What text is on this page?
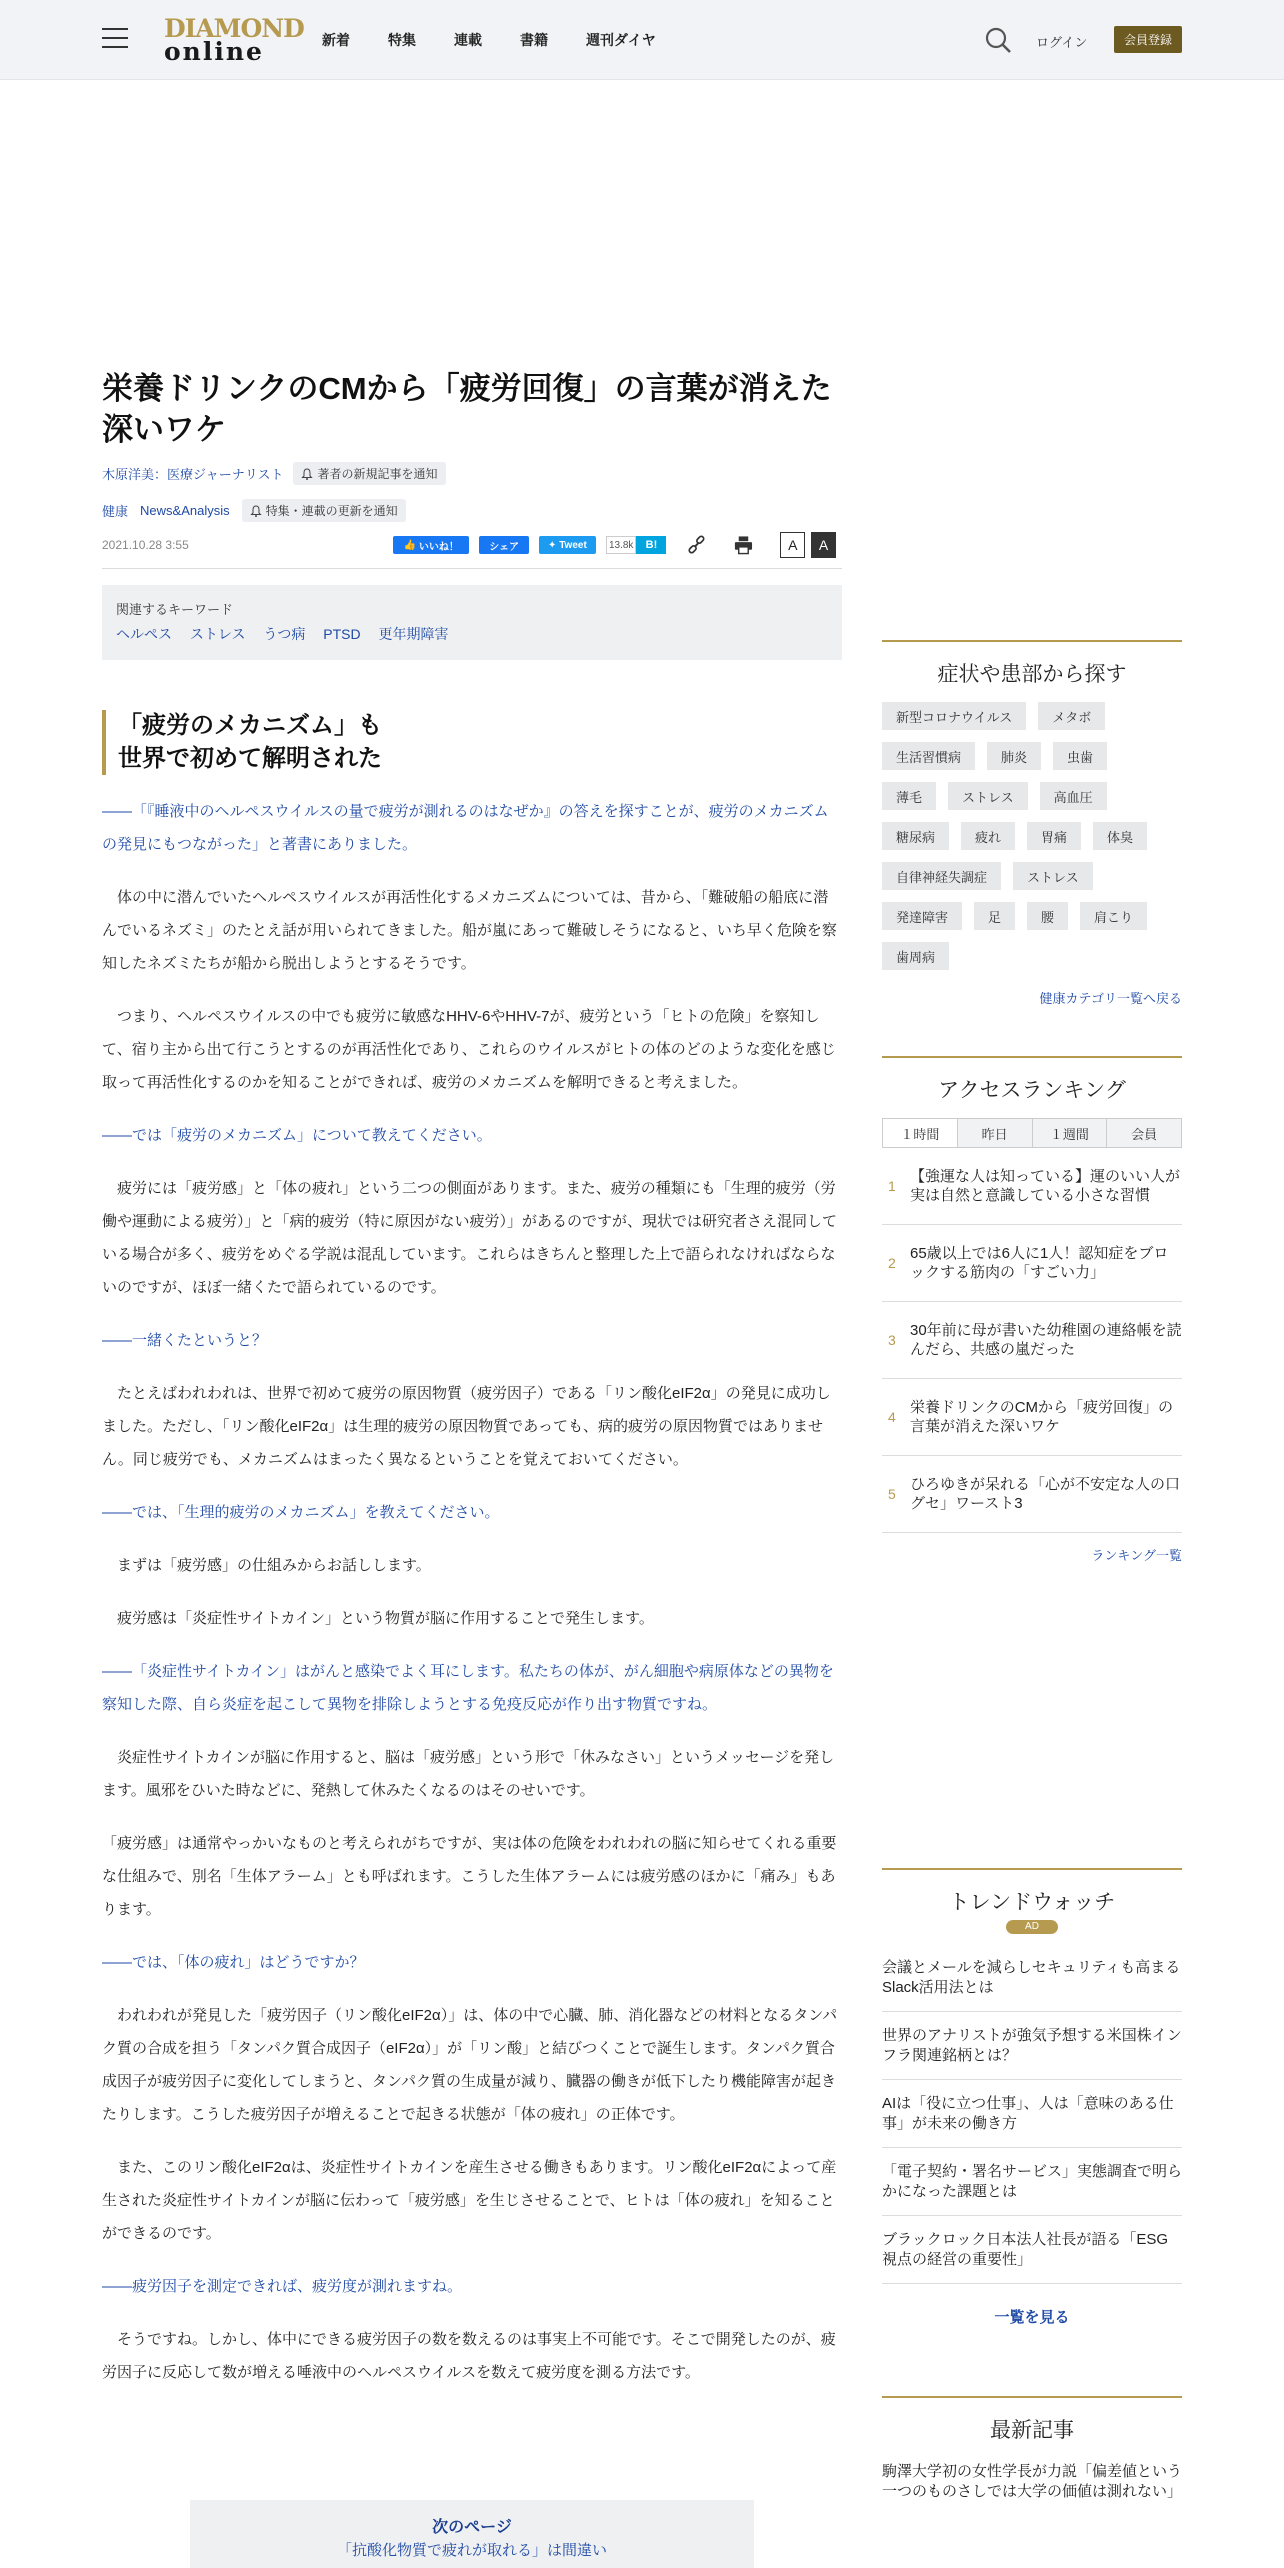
DIAMOND
online	新着	特集	連載	書籍	週刊ダイヤ	ログイン	会員登録
栄養ドリンクのCMから「疲労回復」の言葉が消えた深いワケ
木原洋美：医療ジャーナリスト	著者の新規記事を通知
健康 News&Analysis	特集・連載の更新を通知
2021.10.28 3:55	👍
いいね！	シェア	✦
Tweet	13.8k	B!	A	A
関連するキーワード
ヘルペス ストレス うつ病 PTSD 更年期障害
「疲労のメカニズム」も
世界で初めて解明された
――「『睡液中のヘルペスウイルスの量で疲労が測れるのはなぜか』の答えを探すことが、疲労のメカニズムの発見にもつながった」と著書にありました。
　体の中に潜んでいたヘルペスウイルスが再活性化するメカニズムについては、昔から、「難破船の船底に潜んでいるネズミ」のたとえ話が用いられてきました。船が嵐にあって難破しそうになると、いち早く危険を察知したネズミたちが船から脱出しようとするそうです。
　つまり、ヘルペスウイルスの中でも疲労に敏感なHHV-6やHHV-7が、疲労という「ヒトの危険」を察知して、宿り主から出て行こうとするのが再活性化であり、これらのウイルスがヒトの体のどのような変化を感じ取って再活性化するのかを知ることができれば、疲労のメカニズムを解明できると考えました。
――では「疲労のメカニズム」について教えてください。
　疲労には「疲労感」と「体の疲れ」という二つの側面があります。また、疲労の種類にも「生理的疲労（労働や運動による疲労）」と「病的疲労（特に原因がない疲労）」があるのですが、現状では研究者さえ混同している場合が多く、疲労をめぐる学説は混乱しています。これらはきちんと整理した上で語られなければならないのですが、ほぼ一緒くたで語られているのです。
――一緒くたというと？
　たとえばわれわれは、世界で初めて疲労の原因物質（疲労因子）である「リン酸化eIF2α」の発見に成功しました。ただし、「リン酸化eIF2α」は生理的疲労の原因物質であっても、病的疲労の原因物質ではありません。同じ疲労でも、メカニズムはまったく異なるということを覚えておいてください。
――では、「生理的疲労のメカニズム」を教えてください。
　まずは「疲労感」の仕組みからお話しします。
　疲労感は「炎症性サイトカイン」という物質が脳に作用することで発生します。
――「炎症性サイトカイン」はがんと感染でよく耳にします。私たちの体が、がん細胞や病原体などの異物を察知した際、自ら炎症を起こして異物を排除しようとする免疫反応が作り出す物質ですね。
　炎症性サイトカインが脳に作用すると、脳は「疲労感」という形で「休みなさい」というメッセージを発します。風邪をひいた時などに、発熱して休みたくなるのはそのせいです。
「疲労感」は通常やっかいなものと考えられがちですが、実は体の危険をわれわれの脳に知らせてくれる重要な仕組みで、別名「生体アラーム」とも呼ばれます。こうした生体アラームには疲労感のほかに「痛み」もあります。
――では、「体の疲れ」はどうですか？
　われわれが発見した「疲労因子（リン酸化eIF2α）」は、体の中で心臓、肺、消化器などの材料となるタンパク質の合成を担う「タンパク質合成因子（eIF2α）」が「リン酸」と結びつくことで誕生します。タンパク質合成因子が疲労因子に変化してしまうと、タンパク質の生成量が減り、臓器の働きが低下したり機能障害が起きたりします。こうした疲労因子が増えることで起きる状態が「体の疲れ」の正体です。
　また、このリン酸化eIF2αは、炎症性サイトカインを産生させる働きもあります。リン酸化eIF2αによって産生された炎症性サイトカインが脳に伝わって「疲労感」を生じさせることで、ヒトは「体の疲れ」を知ることができるのです。
――疲労因子を測定できれば、疲労度が測れますね。
　そうですね。しかし、体中にできる疲労因子の数を数えるのは事実上不可能です。そこで開発したのが、疲労因子に反応して数が増える唾液中のヘルペスウイルスを数えて疲労度を測る方法です。
次のページ
「抗酸化物質で疲れが取れる」は間違い
症状や患部から探す
新型コロナウイルス	メタボ
生活習慣病	肺炎	虫歯
薄毛	ストレス	高血圧
糖尿病	疲れ	胃痛	体臭
自律神経失調症	ストレス
発達障害	足	腰	肩こり
歯周病
健康カテゴリ一覧へ戻る
アクセスランキング
１時間	昨日	１週間	会員
1
【強運な人は知っている】運のいい人が実は自然と意識している小さな習慣
2
65歳以上では6人に1人！認知症をブロックする筋肉の「すごい力」
3
30年前に母が書いた幼稚園の連絡帳を読んだら、共感の嵐だった
4
栄養ドリンクのCMから「疲労回復」の言葉が消えた深いワケ
5
ひろゆきが呆れる「心が不安定な人の口グセ」ワースト3
ランキング一覧
トレンドウォッチ
AD
会議とメールを減らしセキュリティも高まるSlack活用法とは
世界のアナリストが強気予想する米国株インフラ関連銘柄とは？
AIは「役に立つ仕事」、人は「意味のある仕事」が未来の働き方
「電子契約・署名サービス」実態調査で明らかになった課題とは
ブラックロック日本法人社長が語る「ESG視点の経営の重要性」
一覧を見る
最新記事
駒澤大学初の女性学長が力説「偏差値という一つのものさしでは大学の価値は測れない」
